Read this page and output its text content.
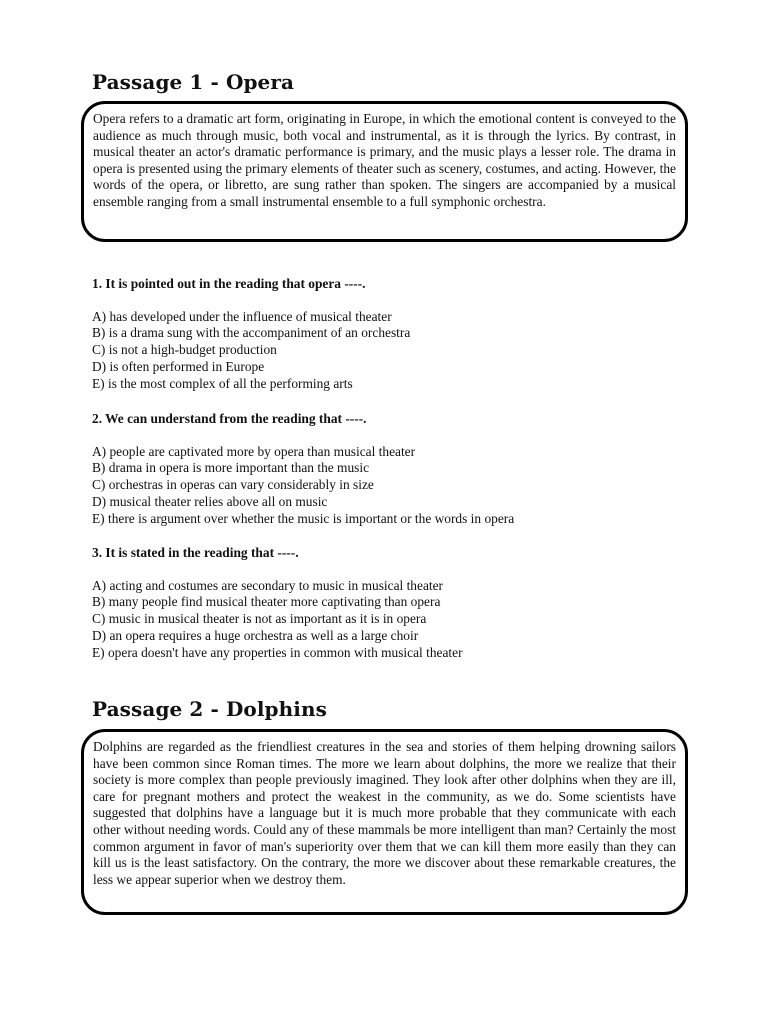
Passage 1 - Opera

Opera refers to a dramatic art form, originating in Europe, in which the emotional content is conveyed to the audience as much through music, both vocal and instrumental, as it is through the lyrics. By contrast, in musical theater an actor's dramatic performance is primary, and the music plays a lesser role. The drama in opera is presented using the primary elements of theater such as scenery, costumes, and acting. However, the words of the opera, or libretto, are sung rather than spoken. The singers are accompanied by a musical ensemble ranging from a small instrumental ensemble to a full symphonic orchestra.

1. It is pointed out in the reading that opera ----.

A) has developed under the influence of musical theater
B) is a drama sung with the accompaniment of an orchestra
C) is not a high-budget production
D) is often performed in Europe
E) is the most complex of all the performing arts

2. We can understand from the reading that ----.

A) people are captivated more by opera than musical theater
B) drama in opera is more important than the music
C) orchestras in operas can vary considerably in size
D) musical theater relies above all on music
E) there is argument over whether the music is important or the words in opera

3. It is stated in the reading that ----.

A) acting and costumes are secondary to music in musical theater
B) many people find musical theater more captivating than opera
C) music in musical theater is not as important as it is in opera
D) an opera requires a huge orchestra as well as a large choir
E) opera doesn't have any properties in common with musical theater
Passage 2 - Dolphins

Dolphins are regarded as the friendliest creatures in the sea and stories of them helping drowning sailors have been common since Roman times. The more we learn about dolphins, the more we realize that their society is more complex than people previously imagined. They look after other dolphins when they are ill, care for pregnant mothers and protect the weakest in the community, as we do. Some scientists have suggested that dolphins have a language but it is much more probable that they communicate with each other without needing words. Could any of these mammals be more intelligent than man? Certainly the most common argument in favor of man's superiority over them that we can kill them more easily than they can kill us is the least satisfactory. On the contrary, the more we discover about these remarkable creatures, the less we appear superior when we destroy them.
